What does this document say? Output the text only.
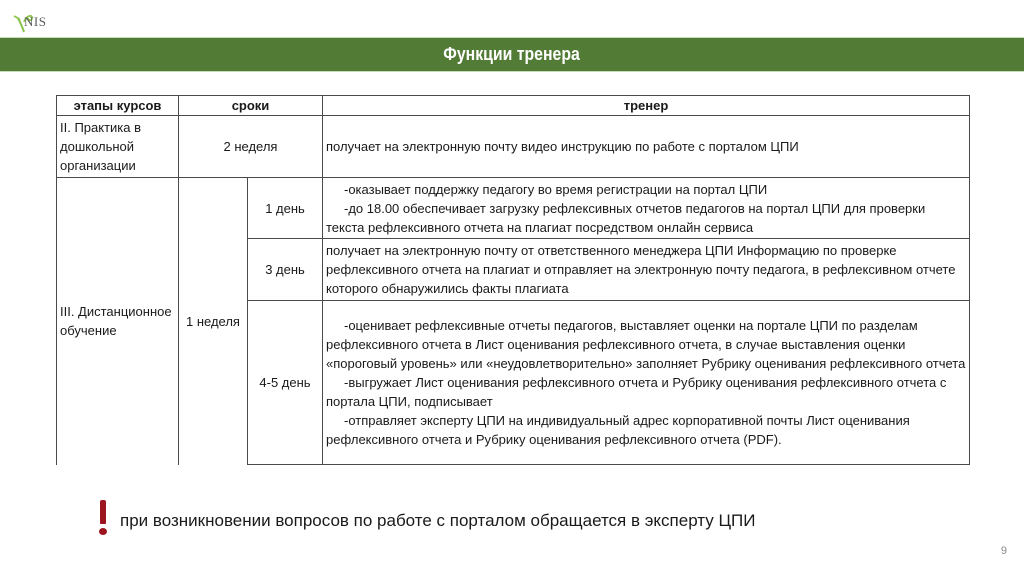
NIS
Функции тренера
этапы курсов	сроки		тренер
II. Практика в дошкольной организации	2 неделя		получает на электронную почту видео инструкцию по работе с порталом ЦПИ
III. Дистанционное обучение	1 неделя	1 день	-оказывает поддержку педагогу во время регистрации на портал ЦПИ
-до 18.00 обеспечивает загрузку рефлексивных отчетов педагогов на портал ЦПИ для проверки текста рефлексивного отчета на плагиат посредством онлайн сервиса

		3 день	получает на электронную почту от ответственного менеджера ЦПИ Информацию по проверке рефлексивного отчета на плагиат и отправляет на электронную почту педагога, в рефлексивном отчете которого обнаружились факты плагиата
		4-5 день	-оценивает рефлексивные отчеты педагогов, выставляет оценки на портале ЦПИ по разделам рефлексивного отчета в Лист оценивания рефлексивного отчета, в случае выставления оценки «пороговый уровень» или «неудовлетворительно» заполняет Рубрику оценивания рефлексивного отчета
-выгружает Лист оценивания рефлексивного отчета и Рубрику оценивания рефлексивного отчета с портала ЦПИ, подписывает
-отправляет эксперту ЦПИ на индивидуальный адрес корпоративной почты Лист оценивания рефлексивного отчета и Рубрику оценивания рефлексивного отчета (PDF).
при возникновении вопросов по работе с порталом обращается в эксперту ЦПИ
9
